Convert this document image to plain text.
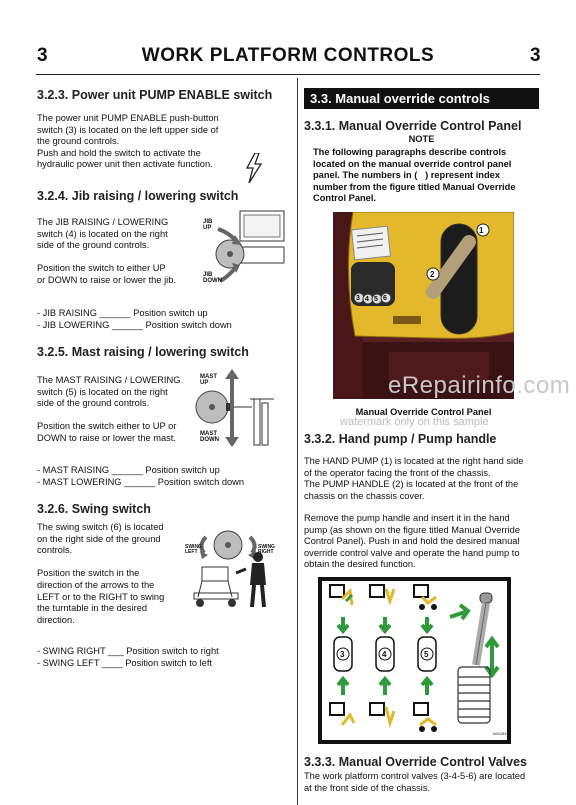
3	WORK PLATFORM CONTROLS	3
3.2.3. Power unit PUMP ENABLE switch
The power unit PUMP ENABLE push-button
switch (3) is located on the left upper side of
the ground controls.
Push and hold the switch to activate the
hydraulic power unit then activate function.
3.2.4. Jib raising / lowering switch
The JIB RAISING / LOWERING
switch (4) is located on the right
side of the ground controls.

Position the switch to either UP
or DOWN to raise or lower the jib.
JIB
UP
JIB
DOWN
- JIB RAISING ______ Position switch up
- JIB LOWERING ______ Position switch down
3.2.5. Mast raising / lowering switch
The MAST RAISING / LOWERING
switch (5) is located on the right
side of the ground controls.

Position the switch either to UP or
DOWN to raise or lower the mast.
MAST
UP
MAST
DOWN
- MAST RAISING ______ Position switch up
- MAST LOWERING ______ Position switch down
3.2.6. Swing switch
The swing switch (6) is located
on the right side of the ground
controls.

Position the switch in the
direction of the arrows to the
LEFT or to the RIGHT to swing
the turntable in the desired
direction.
SWING LEFT
SWING RIGHT
- SWING RIGHT ___ Position switch to right
- SWING LEFT ____ Position switch to left
3.3. Manual override controls
3.3.1. Manual Override Control Panel
NOTE
The following paragraphs describe controls
located on the manual override control panel
panel. The numbers in (   ) represent index
number from the figure titled Manual Override
Control Panel.
1
2
3 4 5 6
eRepairinfo.com
Manual Override Control Panel
watermark only on this sample
3.3.2. Hand pump / Pump handle
The HAND PUMP (1) is located at the right hand side
of the operator facing the front of the chassis.
The PUMP HANDLE (2) is located at the front of the
chassis on the chassis cover.
Remove the pump handle and insert it in the hand
pump (as shown on the figure titled Manual Override
Control Panel). Push in and hold the desired manual
override control valve and operate the hand pump to
obtain the desired function.
3	4	5
A01193
3.3.3. Manual Override Control Valves
The work platform control valves (3-4-5-6) are located
at the front side of the chassis.
